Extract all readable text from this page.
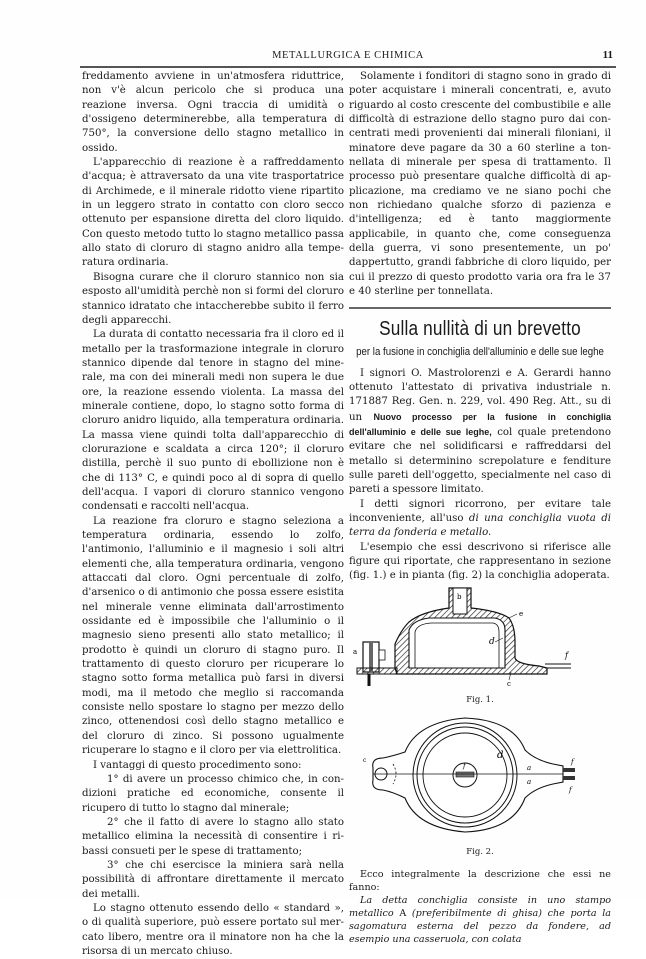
METALLURGICA E CHIMICA	11

freddamento avviene in un'atmosfera riduttrice, non v'è alcun pericolo che si produca una reazione inversa. Ogni traccia di umidità o d'ossigeno determinerebbe, alla temperatura di 750°, la conversione dello stagno metallico in ossido.

L'apparecchio di reazione è a raffreddamento d'acqua; è attraversato da una vite trasportatrice di Archimede, e il minerale ridotto viene ripartito in un leggero strato in contatto con cloro secco ottenuto per espansione diretta del cloro liquido. Con questo metodo tutto lo stagno metallico passa allo stato di cloruro di stagno anidro alla temperatura ordinaria.

Bisogna curare che il cloruro stannico non sia esposto all'umidità perchè non si formi del cloruro stannico idratato che intaccherebbe subito il ferro degli apparecchi.

La durata di contatto necessaria fra il cloro ed il metallo per la trasformazione integrale in cloruro stannico dipende dal tenore in stagno del minerale, ma con dei minerali medi non supera le due ore, la reazione essendo violenta. La massa del minerale contiene, dopo, lo stagno sotto forma di cloruro anidro liquido, alla temperatura ordinaria. La massa viene quindi tolta dall'apparecchio di clorurazione e scaldata a circa 120°; il cloruro distilla, perchè il suo punto di ebollizione non è che di 113° C, e quindi poco al di sopra di quello dell'acqua. I vapori di cloruro stannico vengono condensati e raccolti nell'acqua.

La reazione fra cloruro e stagno seleziona a temperatura ordinaria, essendo lo zolfo, l'antimonio, l'alluminio e il magnesio i soli altri elementi che, alla temperatura ordinaria, vengono attaccati dal cloro. Ogni percentuale di zolfo, d'arsenico o di antimonio che possa essere esistita nel minerale venne eliminata dall'arrostimento ossidante ed è impossibile che l'alluminio o il magnesio sieno presenti allo stato metallico; il prodotto è quindi un cloruro di stagno puro. Il trattamento di questo cloruro per ricuperare lo stagno sotto forma metallica può farsi in diversi modi, ma il metodo che meglio si raccomanda consiste nello spostare lo stagno per mezzo dello zinco, ottenendosi così dello stagno metallico e del cloruro di zinco. Si possono ugualmente ricuperare lo stagno e il cloro per via elettrolitica.

I vantaggi di questo procedimento sono:

1° di avere un processo chimico che, in condizioni pratiche ed economiche, consente il ricupero di tutto lo stagno dal minerale;

2° che il fatto di avere lo stagno allo stato metallico elimina la necessità di consentire i ribassi consueti per le spese di trattamento;

3° che chi esercisce la miniera sarà nella possibilità di affrontare direttamente il mercato dei metalli.

Lo stagno ottenuto essendo dello « standard », o di qualità superiore, può essere portato sul mercato libero, mentre ora il minatore non ha che la risorsa di un mercato chiuso.

Solamente i fonditori di stagno sono in grado di poter acquistare i minerali concentrati, e, avuto riguardo al costo crescente del combustibile e alle difficoltà di estrazione dello stagno puro dai concentrati medi provenienti dai minerali filoniani, il minatore deve pagare da 30 a 60 sterline a tonnellata di minerale per spesa di trattamento. Il processo può presentare qualche difficoltà di applicazione, ma crediamo ve ne siano pochi che non richiedano qualche sforzo di pazienza e d'intelligenza; ed è tanto maggiormente applicabile, in quanto che, come conseguenza della guerra, vi sono presentemente, un po' dappertutto, grandi fabbriche di cloro liquido, per cui il prezzo di questo prodotto varia ora fra le 37 e 40 sterline per tonnellata.

Sulla nullità di un brevetto
per la fusione in conchiglia dell'alluminio e delle sue leghe

I signori O. Mastrolorenzi e A. Gerardi hanno ottenuto l'attestato di privativa industriale n. 171887 Reg. Gen. n. 229, vol. 490 Reg. Att., su di un Nuovo processo per la fusione in conchiglia dell'alluminio e delle sue leghe, col quale pretendono evitare che nel solidificarsi e raffreddarsi del metallo si determinino screpolature e fenditure sulle pareti dell'oggetto, specialmente nel caso di pareti a spessore limitato.

I detti signori ricorrono, per evitare tale inconveniente, all'uso di una conchiglia vuota di terra da fonderia e metallo.

L'esempio che essi descrivono si riferisce alle figure qui riportate, che rappresentano in sezione (fig. 1.) e in pianta (fig. 2) la conchiglia adoperata.

b
a
d
e
c
f
Fig. 1.
c	d
a
a
f	f
f
Fig. 2.

Ecco integralmente la descrizione che essi ne fanno:

La detta conchiglia consiste in uno stampo metallico A (preferibilmente di ghisa) che porta la sagomatura esterna del pezzo da fondere, ad esempio una casseruola, con colata
